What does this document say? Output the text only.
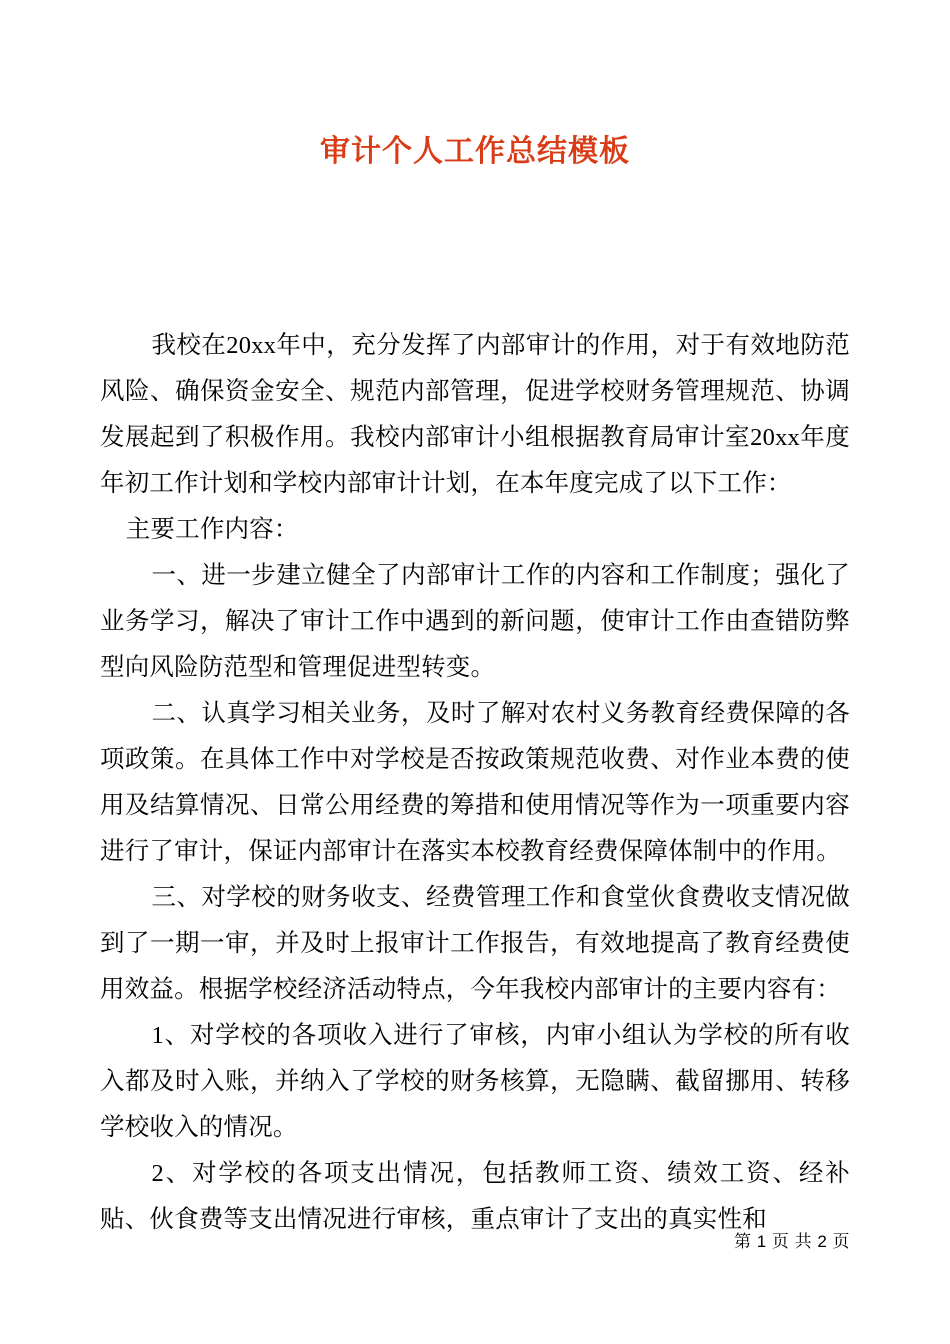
审计个人工作总结模板

我校在20xx年中，充分发挥了内部审计的作用，对于有效地防范风险、确保资金安全、规范内部管理，促进学校财务管理规范、协调发展起到了积极作用。我校内部审计小组根据教育局审计室20xx年度年初工作计划和学校内部审计计划，在本年度完成了以下工作：

主要工作内容：

一、进一步建立健全了内部审计工作的内容和工作制度；强化了业务学习，解决了审计工作中遇到的新问题，使审计工作由查错防弊型向风险防范型和管理促进型转变。

二、认真学习相关业务，及时了解对农村义务教育经费保障的各项政策。在具体工作中对学校是否按政策规范收费、对作业本费的使用及结算情况、日常公用经费的筹措和使用情况等作为一项重要内容进行了审计，保证内部审计在落实本校教育经费保障体制中的作用。

三、对学校的财务收支、经费管理工作和食堂伙食费收支情况做到了一期一审，并及时上报审计工作报告，有效地提高了教育经费使用效益。根据学校经济活动特点，今年我校内部审计的主要内容有：

1、对学校的各项收入进行了审核，内审小组认为学校的所有收入都及时入账，并纳入了学校的财务核算，无隐瞒、截留挪用、转移学校收入的情况。

2、对学校的各项支出情况，包括教师工资、绩效工资、经补贴、伙食费等支出情况进行审核，重点审计了支出的真实性和

第 1 页 共 2 页
